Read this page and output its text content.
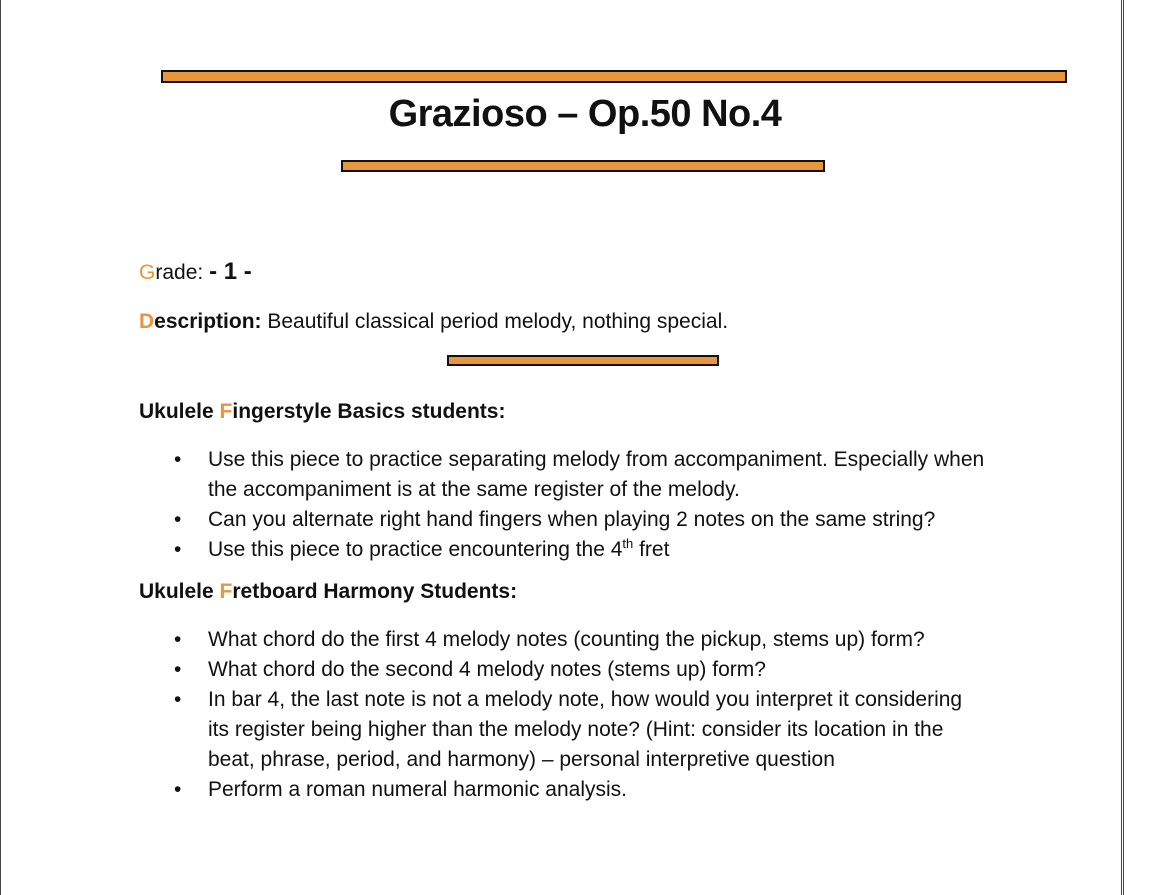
Grazioso – Op.50 No.4
Grade: - 1 -
Description: Beautiful classical period melody, nothing special.
Ukulele Fingerstyle Basics students:
• Use this piece to practice separating melody from accompaniment. Especially when
the accompaniment is at the same register of the melody.
• Can you alternate right hand fingers when playing 2 notes on the same string?
• Use this piece to practice encountering the 4th fret
Ukulele Fretboard Harmony Students:
• What chord do the first 4 melody notes (counting the pickup, stems up) form?
• What chord do the second 4 melody notes (stems up) form?
• In bar 4, the last note is not a melody note, how would you interpret it considering
its register being higher than the melody note? (Hint: consider its location in the
beat, phrase, period, and harmony) – personal interpretive question
• Perform a roman numeral harmonic analysis.
